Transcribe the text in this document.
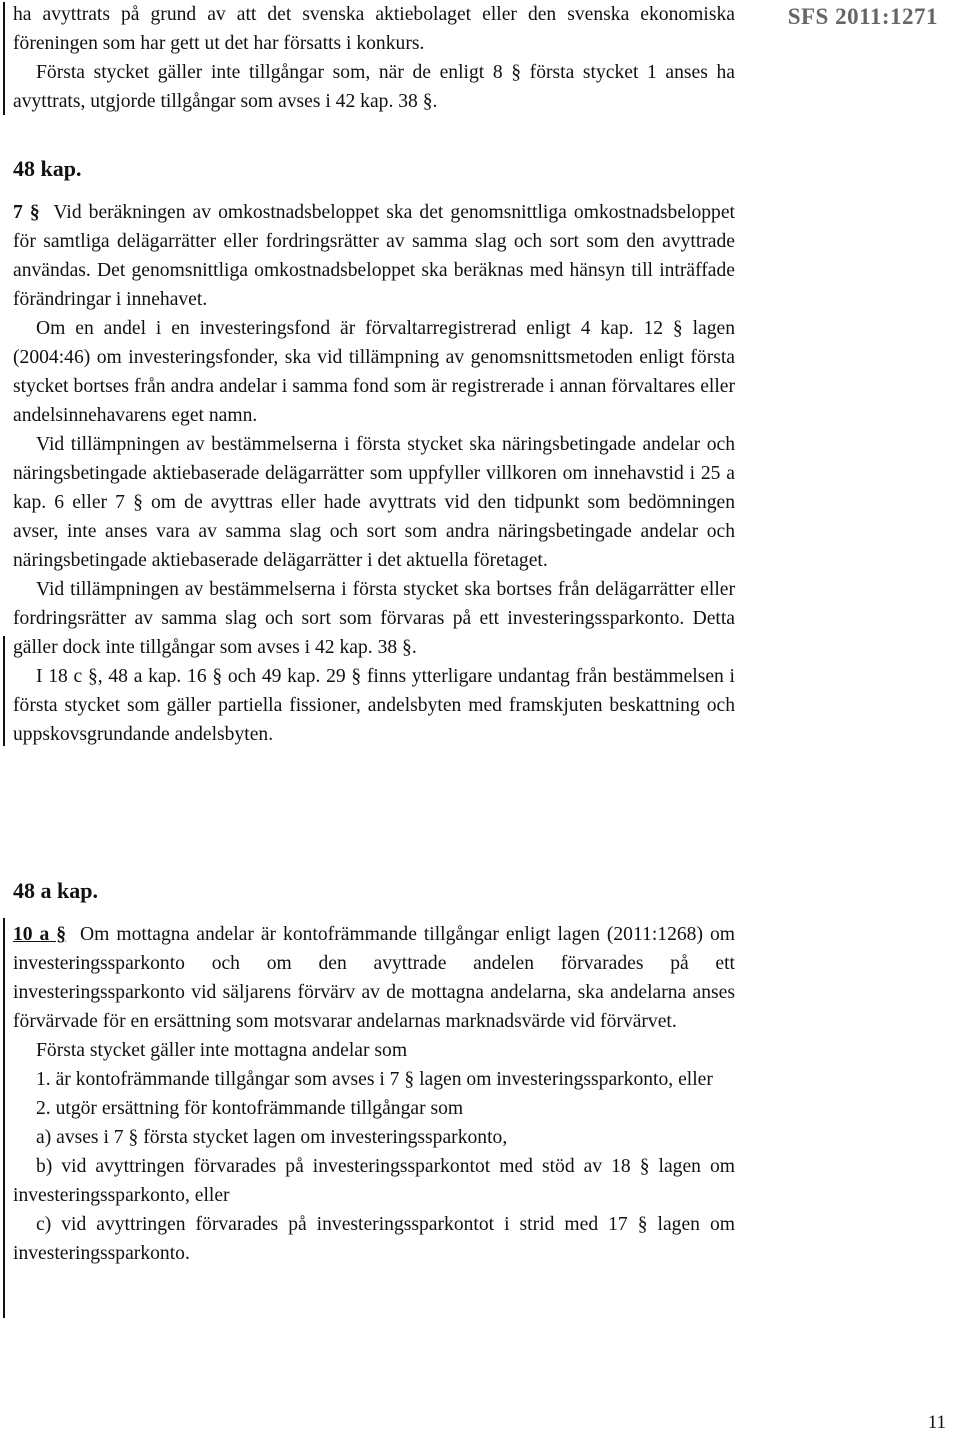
SFS 2011:1271

ha avyttrats på grund av att det svenska aktiebolaget eller den svenska ekonomiska föreningen som har gett ut det har försatts i konkurs.

Första stycket gäller inte tillgångar som, när de enligt 8 § första stycket 1 anses ha avyttrats, utgjorde tillgångar som avses i 42 kap. 38 §.

48 kap.

7 § Vid beräkningen av omkostnadsbeloppet ska det genomsnittliga omkostnadsbeloppet för samtliga delägarrätter eller fordringsrätter av samma slag och sort som den avyttrade användas. Det genomsnittliga omkostnadsbeloppet ska beräknas med hänsyn till inträffade förändringar i innehavet.

Om en andel i en investeringsfond är förvaltarregistrerad enligt 4 kap. 12 § lagen (2004:46) om investeringsfonder, ska vid tillämpning av genomsnittsmetoden enligt första stycket bortses från andra andelar i samma fond som är registrerade i annan förvaltares eller andelsinnehavarens eget namn.

Vid tillämpningen av bestämmelserna i första stycket ska näringsbetingade andelar och näringsbetingade aktiebaserade delägarrätter som uppfyller villkoren om innehavstid i 25 a kap. 6 eller 7 § om de avyttras eller hade avyttrats vid den tidpunkt som bedömningen avser, inte anses vara av samma slag och sort som andra näringsbetingade andelar och näringsbetingade aktiebaserade delägarrätter i det aktuella företaget.

Vid tillämpningen av bestämmelserna i första stycket ska bortses från delägarrätter eller fordringsrätter av samma slag och sort som förvaras på ett investeringssparkonto. Detta gäller dock inte tillgångar som avses i 42 kap. 38 §.

I 18 c §, 48 a kap. 16 § och 49 kap. 29 § finns ytterligare undantag från bestämmelsen i första stycket som gäller partiella fissioner, andelsbyten med framskjuten beskattning och uppskovsgrundande andelsbyten.

48 a kap.

10 a § Om mottagna andelar är kontofrämmande tillgångar enligt lagen (2011:1268) om investeringssparkonto och om den avyttrade andelen förvarades på ett investeringssparkonto vid säljarens förvärv av de mottagna andelarna, ska andelarna anses förvärvade för en ersättning som motsvarar andelarnas marknadsvärde vid förvärvet.

Första stycket gäller inte mottagna andelar som

1. är kontofrämmande tillgångar som avses i 7 § lagen om investeringssparkonto, eller

2. utgör ersättning för kontofrämmande tillgångar som

a) avses i 7 § första stycket lagen om investeringssparkonto,

b) vid avyttringen förvarades på investeringssparkontot med stöd av 18 § lagen om investeringssparkonto, eller

c) vid avyttringen förvarades på investeringssparkontot i strid med 17 § lagen om investeringssparkonto.

11
